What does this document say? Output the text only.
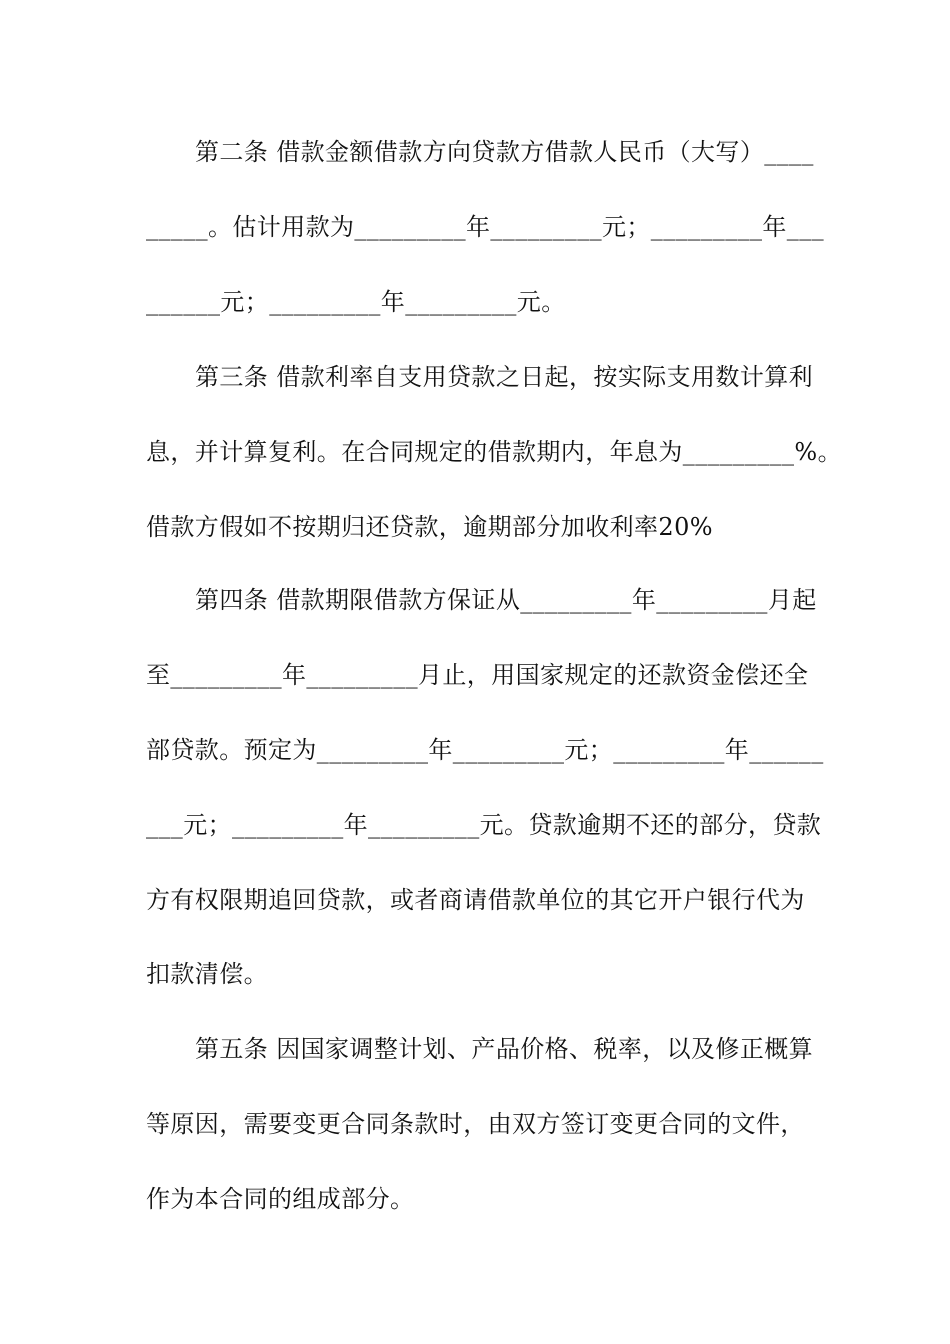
第二条 借款金额借款方向贷款方借款人民币（大写）____
_____。估计用款为_________年_________元；_________年___
______元；_________年_________元。
第三条 借款利率自支用贷款之日起，按实际支用数计算利
息，并计算复利。在合同规定的借款期内，年息为_________%。
借款方假如不按期归还贷款，逾期部分加收利率20%
第四条 借款期限借款方保证从_________年_________月起
至_________年_________月止，用国家规定的还款资金偿还全
部贷款。预定为_________年_________元；_________年______
___元；_________年_________元。贷款逾期不还的部分，贷款
方有权限期追回贷款，或者商请借款单位的其它开户银行代为
扣款清偿。
第五条 因国家调整计划、产品价格、税率，以及修正概算
等原因，需要变更合同条款时，由双方签订变更合同的文件，
作为本合同的组成部分。
